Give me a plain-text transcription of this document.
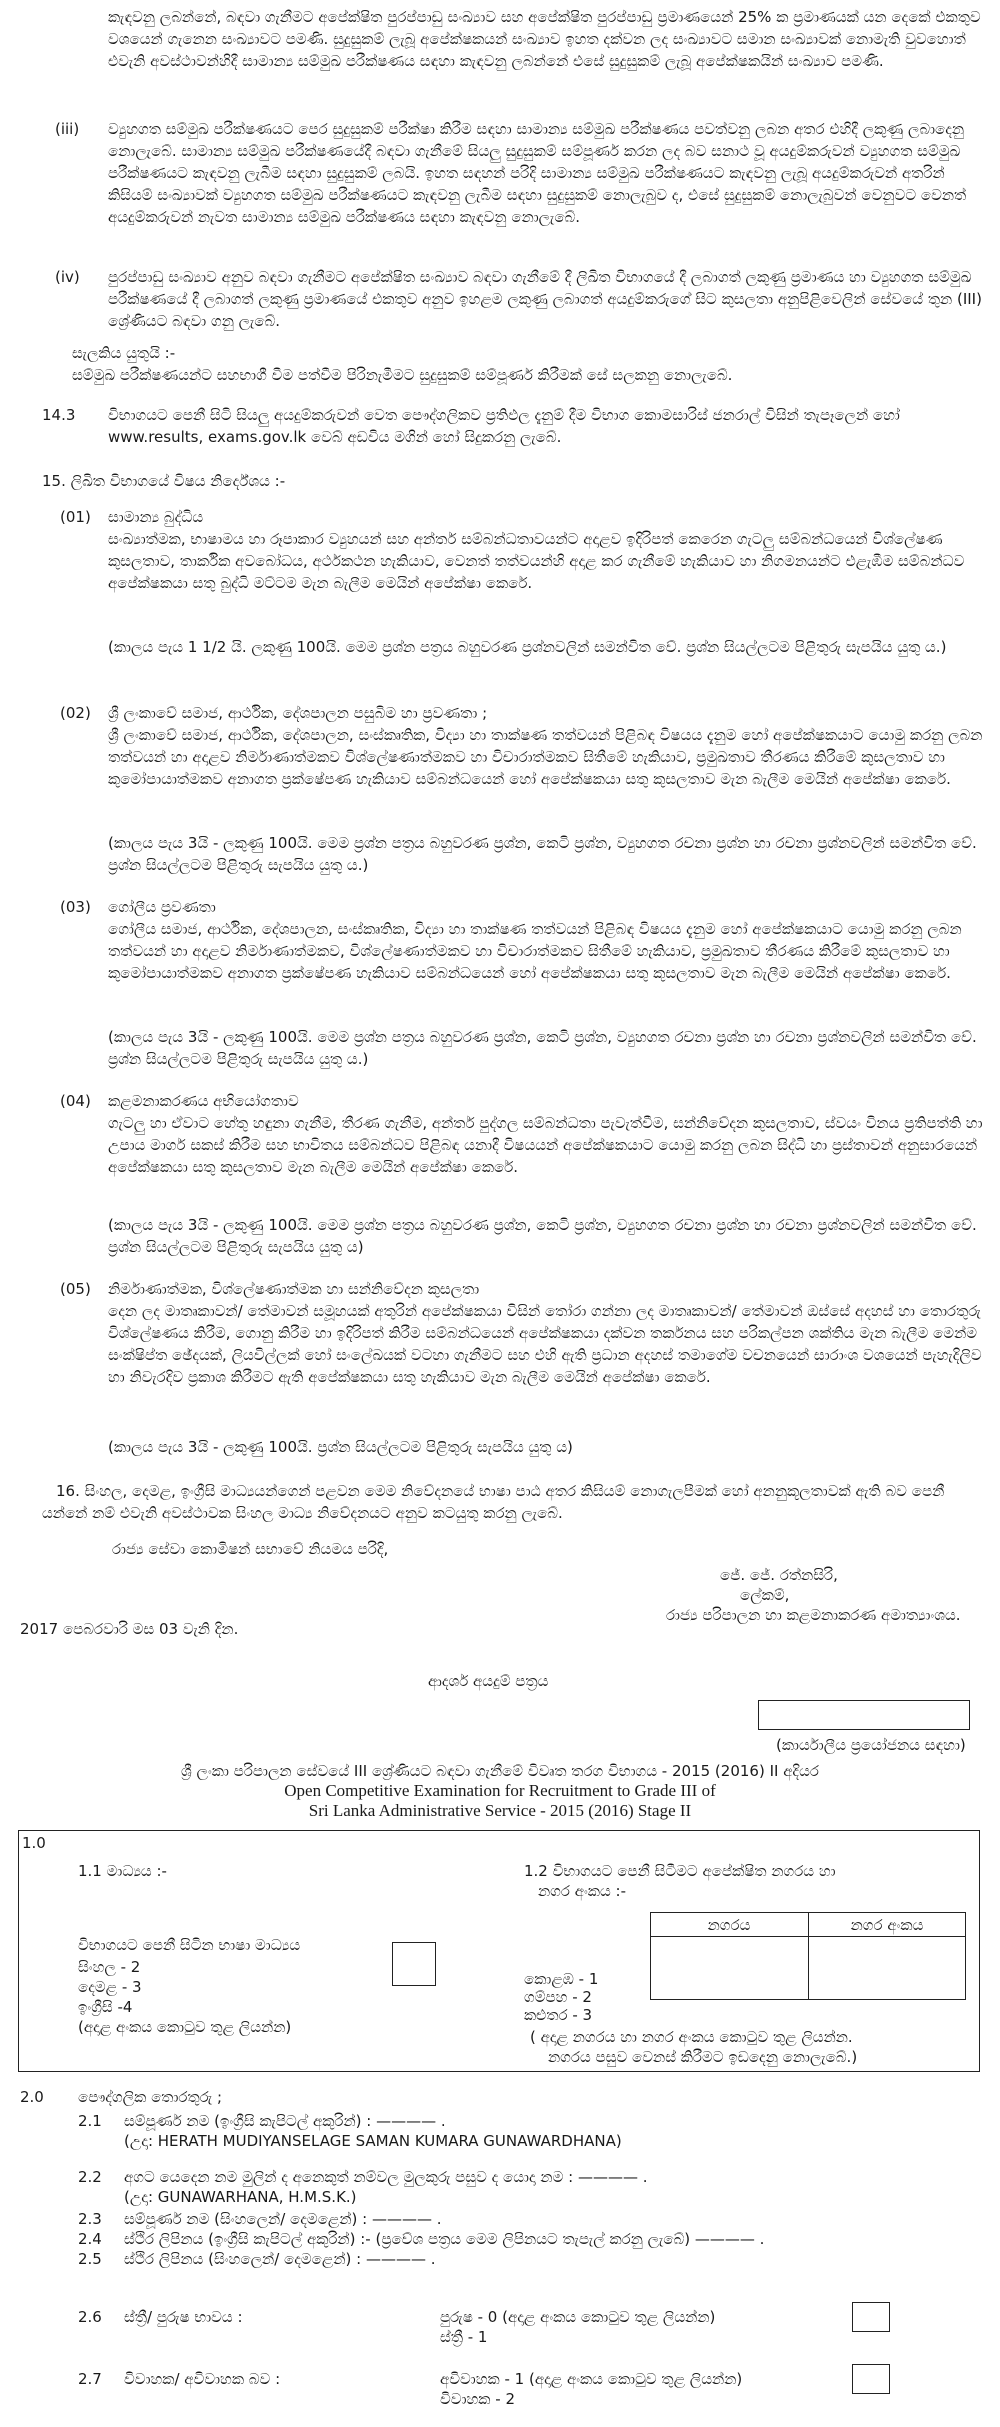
කැඳවනු ලබන්නේ, බඳවා ගැනීමට අපේක්ෂිත පුරප්පාඩු සංඛ්‍යාව සහ අපේක්ෂිත පුරප්පාඩු ප්‍රමාණයෙන් 25% ක ප්‍රමාණයක් යන දෙකේ එකතුව වශයෙන් ගැනෙන සංඛ්‍යාවට පමණි. සුදුසුකම් ලැබූ අපේක්ෂකයන් සංඛ්‍යාව ඉහත දක්වන ලද සංඛ්‍යාවට සමාන සංඛ්‍යාවක් නොමැති වුවහොත් එවැනි අවස්ථාවන්හිදී සාමාන්‍ය සම්මුඛ පරීක්ෂණය සඳහා කැඳවනු ලබන්නේ එසේ සුදුසුකම් ලැබූ අපේක්ෂකයින් සංඛ්‍යාව පමණි.
(iii) ව්‍යුහගත සම්මුඛ පරීක්ෂණයට පෙර සුදුසුකම් පරීක්ෂා කිරීම සඳහා සාමාන්‍ය සම්මුඛ පරීක්ෂණය පවත්වනු ලබන අතර එහිදී ලකුණු ලබාදෙනු නොලැබේ. සාමාන්‍ය සම්මුඛ පරීක්ෂණයේදී බඳවා ගැනීමේ සියලු සුදුසුකම් සම්පූර්ණ කරන ලද බව සනාථ වූ අයදුම්කරුවන් ව්‍යුහගත සම්මුඛ පරීක්ෂණයට කැඳවනු ලැබීම සඳහා සුදුසුකම් ලබයි. ඉහත සඳහන් පරිදි සාමාන්‍ය සම්මුඛ පරීක්ෂණයට කැඳවනු ලැබූ අයදුම්කරුවන් අතරින් කිසියම් සංඛ්‍යාවක් ව්‍යුහගත සම්මුඛ පරීක්ෂණයට කැඳවනු ලැබීම සඳහා සුදුසුකම් නොලැබුව ද, එසේ සුදුසුකම් නොලැබුවන් වෙනුවට වෙනත් අයදුම්කරුවන් නැවත සාමාන්‍ය සම්මුඛ පරීක්ෂණය සඳහා කැඳවනු නොලැබේ.
(iv) පුරප්පාඩු සංඛ්‍යාව අනුව බඳවා ගැනීමට අපේක්ෂිත සංඛ්‍යාව බඳවා ගැනීමේ දී ලිඛිත විභාගයේ දී ලබාගත් ලකුණු ප්‍රමාණය හා ව්‍යුහගත සම්මුඛ පරීක්ෂණයේ දී ලබාගත් ලකුණු ප්‍රමාණයේ එකතුව අනුව ඉහළම ලකුණු ලබාගත් අයදුම්කරුගේ සිට කුසලතා අනුපිළිවෙලින් සේවයේ තුන (III) ශ්‍රේණියට බඳවා ගනු ලැබේ.
සැලකිය යුතුයි :-
සම්මුඛ පරීක්ෂණයන්ට සහභාගී වීම පත්වීම පිරිනැමීමට සුදුසුකම් සම්පූර්ණ කිරීමක් සේ සලකනු නොලැබේ.
14.3 විභාගයට පෙනී සිටි සියලු අයදුම්කරුවන් වෙත පෞද්ගලිකව ප්‍රතිඵල දැනුම් දීම විභාග කොමසාරිස් ජනරාල් විසින් තැපෑලෙන් හෝ www.results, exams.gov.lk වෙබ් අඩවිය මගින් හෝ සිදුකරනු ලැබේ.
15. ලිඛිත විභාගයේ විෂය නිර්දේශය :-
(01) සාමාන්‍ය බුද්ධිය
සංඛ්‍යාත්මක, භාෂාමය හා රූපාකාර ව්‍යුහයන් සහ අන්තර් සම්බන්ධතාවයන්ට අදාළව ඉදිරිපත් කෙරෙන ගැටලු සම්බන්ධයෙන් විශ්ලේෂණ කුසලතාව, තාර්කික අවබෝධය, අර්ථකථන හැකියාව, වෙනත් තත්වයන්හි අදාළ කර ගැනීමේ හැකියාව හා නිගමනයන්ට එළැඹීම සම්බන්ධව අපේක්ෂකයා සතු බුද්ධි මට්ටම මැන බැලීම මෙයින් අපේක්ෂා කෙරේ.
(කාලය පැය 1 1/2 යි. ලකුණු 100යි. මෙම ප්‍රශ්න පත්‍රය බහුවරණ ප්‍රශ්නවලින් සමන්විත වේ. ප්‍රශ්න සියල්ලටම පිළිතුරු සැපයිය යුතු ය.)
(02) ශ්‍රී ලංකාවේ සමාජ, ආර්ථික, දේශපාලන පසුබිම හා ප්‍රවණතා ;
ශ්‍රී ලංකාවේ සමාජ, ආර්ථික, දේශපාලන, සංස්කෘතික, විද්‍යා හා තාක්ෂණ තත්වයන් පිළිබඳ විෂයය දැනුම හෝ අපේක්ෂකයාට යොමු කරනු ලබන තත්වයන් හා අදාළව නිර්මාණාත්මකව විශ්ලේෂණාත්මකව හා විචාරාත්මකව සිතීමේ හැකියාව, ප්‍රමුඛතාව තීරණය කිරීමේ කුසලතාව හා කුමෝපායාත්මකව අනාගත ප්‍රක්ෂේපණ හැකියාව සම්බන්ධයෙන් හෝ අපේක්ෂකයා සතු කුසලතාව මැන බැලීම මෙයින් අපේක්ෂා කෙරේ.
(කාලය පැය 3යි - ලකුණු 100යි. මෙම ප්‍රශ්න පත්‍රය බහුවරණ ප්‍රශ්න, කෙටි ප්‍රශ්න, ව්‍යුහගත රචනා ප්‍රශ්න හා රචනා ප්‍රශ්නවලින් සමන්විත වේ. ප්‍රශ්න සියල්ලටම පිළිතුරු සැපයිය යුතු ය.)
(03) ගෝලීය ප්‍රවණතා
ගෝලීය සමාජ, ආර්ථික, දේශපාලන, සංස්කෘතික, විද්‍යා හා තාක්ෂණ තත්වයන් පිළිබඳ විෂයය දැනුම හෝ අපේක්ෂකයාට යොමු කරනු ලබන තත්වයන් හා අදාළව නිර්මාණාත්මකව, විශ්ලේෂණාත්මකව හා විචාරාත්මකව සිතීමේ හැකියාව, ප්‍රමුඛතාව තීරණය කිරීමේ කුසලතාව හා කුමෝපායාත්මකව අනාගත ප්‍රක්ෂේපණ හැකියාව සම්බන්ධයෙන් හෝ අපේක්ෂකයා සතු කුසලතාව මැන බැලීම මෙයින් අපේක්ෂා කෙරේ.
(කාලය පැය 3යි - ලකුණු 100යි. මෙම ප්‍රශ්න පත්‍රය බහුවරණ ප්‍රශ්න, කෙටි ප්‍රශ්න, ව්‍යුහගත රචනා ප්‍රශ්න හා රචනා ප්‍රශ්නවලින් සමන්විත වේ. ප්‍රශ්න සියල්ලටම පිළිතුරු සැපයිය යුතු ය.)
(04) කළමනාකරණය අභියෝගතාව
ගැටලු හා ඒවාට හේතු හඳුනා ගැනීම, තීරණ ගැනීම, අන්තර් පුද්ගල සම්බන්ධතා පැවැත්වීම, සන්නිවේදන කුසලතාව, ස්වයං විනය ප්‍රතිපත්ති හා උපාය මාර්ග සකස් කිරීම සහ භාවිතය සම්බන්ධව පිළිබඳ යනාදී විෂයයන් අපේක්ෂකයාට යොමු කරනු ලබන සිද්ධි හා ප්‍රස්තාවන් අනුසාරයෙන් අපේක්ෂකයා සතු කුසලතාව මැන බැලීම මෙයින් අපේක්ෂා කෙරේ.
(කාලය පැය 3යි - ලකුණු 100යි. මෙම ප්‍රශ්න පත්‍රය බහුවරණ ප්‍රශ්න, කෙටි ප්‍රශ්න, ව්‍යුහගත රචනා ප්‍රශ්න හා රචනා ප්‍රශ්නවලින් සමන්විත වේ. ප්‍රශ්න සියල්ලටම පිළිතුරු සැපයිය යුතු ය)
(05) නිර්මාණාත්මක, විශ්ලේෂණාත්මක හා සන්නිවේදන කුසලතා
දෙන ලද මාතෘකාවන්/ තේමාවන් සමූහයක් අතුරින් අපේක්ෂකයා විසින් තෝරා ගන්නා ලද මාතෘකාවන්/ තේමාවන් ඔස්සේ අදහස් හා තොරතුරු විශ්ලේෂණය කිරීම, ගොනු කිරීම හා ඉදිරිපත් කිරීම සම්බන්ධයෙන් අපේක්ෂකයා දක්වන තර්කනය සහ පරිකල්පන ශක්තිය මැන බැලීම මෙන්ම සංක්ෂිප්ත ඡේදයක්, ලියවිල්ලක් හෝ සංලේඛයක් වටහා ගැනීමට සහ එහි ඇති ප්‍රධාන අදහස් තමාගේම වචනයෙන් සාරාංශ වශයෙන් පැහැදිලිව හා නිවැරදිව ප්‍රකාශ කිරීමට ඇති අපේක්ෂකයා සතු හැකියාව මැන බැලීම මෙයින් අපේක්ෂා කෙරේ.
(කාලය පැය 3යි - ලකුණු 100යි. ප්‍රශ්න සියල්ලටම පිළිතුරු සැපයිය යුතු ය)
16. සිංහල, දෙමළ, ඉංග්‍රීසි මාධ්‍යයන්ගෙන් පළවන මෙම නිවේදනයේ භාෂා පාඨ අතර කිසියම් නොගැලපීමක් හෝ අනනුකූලතාවක් ඇති බව පෙනී යන්නේ නම් එවැනි අවස්ථාවක සිංහල මාධ්‍ය නිවේදනයට අනුව කටයුතු කරනු ලැබේ.
රාජ්‍ය සේවා කොමිෂන් සභාවේ නියමය පරිදි,
ජේ. ජේ. රත්නසිරි,
ලේකම්,
රාජ්‍ය පරිපාලන හා කළමනාකරණ අමාත්‍යාංශය.
2017 පෙබරවාරි මස 03 වැනි දින.
ආදර්ශ අයදුම් පත්‍රය
(කාර්යාලීය ප්‍රයෝජනය සඳහා)
ශ්‍රී ලංකා පරිපාලන සේවයේ III ශ්‍රේණියට බඳවා ගැනීමේ විවෘත තරග විභාගය - 2015 (2016) II අදියර
Open Competitive Examination for Recruitment to Grade III of
Sri Lanka Administrative Service - 2015 (2016) Stage II
1.0
1.1 මාධ්‍යය :-
විභාගයට පෙනී සිටින භාෂා මාධ්‍යය
සිංහල - 2
දෙමළ - 3
ඉංග්‍රීසි -4
(අදාළ අංකය කොටුව තුළ ලියන්න)
1.2 විභාගයට පෙනී සිටීමට අපේක්ෂිත නගරය හා
නගර අංකය :-
කොළඹ - 1
ගම්පහ - 2
කළුතර - 3
නගරය	නගර අංකය
( අදාළ නගරය හා නගර අංකය කොටුව තුළ ලියන්න.
නගරය පසුව වෙනස් කිරීමට ඉඩදෙනු නොලැබේ.)
2.0 පෞද්ගලික තොරතුරු ;
2.1 සම්පූර්ණ නම (ඉංග්‍රීසි කැපිටල් අකුරින්) : ———— .
(උදා: HERATH MUDIYANSELAGE SAMAN KUMARA GUNAWARDHANA)
2.2 අගට යෙදෙන නම මුලින් ද අනෙකුත් නම්වල මුලකුරු පසුව ද යොදා නම : ———— .
(උදා: GUNAWARHANA, H.M.S.K.)
2.3 සම්පූර්ණ නම (සිංහලෙන්/ දෙමළෙන්) : ———— .
2.4 ස්ථිර ලිපිනය (ඉංග්‍රීසි කැපිටල් අකුරින්) :- (ප්‍රවේශ පත්‍රය මෙම ලිපිනයට තැපැල් කරනු ලැබේ) ———— .
2.5 ස්ථිර ලිපිනය (සිංහලෙන්/ දෙමළෙන්) : ———— .
2.6 ස්ත්‍රී/ පුරුෂ භාවය :	පුරුෂ - 0 (අදාළ අංකය කොටුව තුළ ලියන්න)
ස්ත්‍රී - 1
2.7 විවාහක/ අවිවාහක බව :	අවිවාහක - 1 (අදාළ අංකය කොටුව තුළ ලියන්න)
විවාහක - 2
